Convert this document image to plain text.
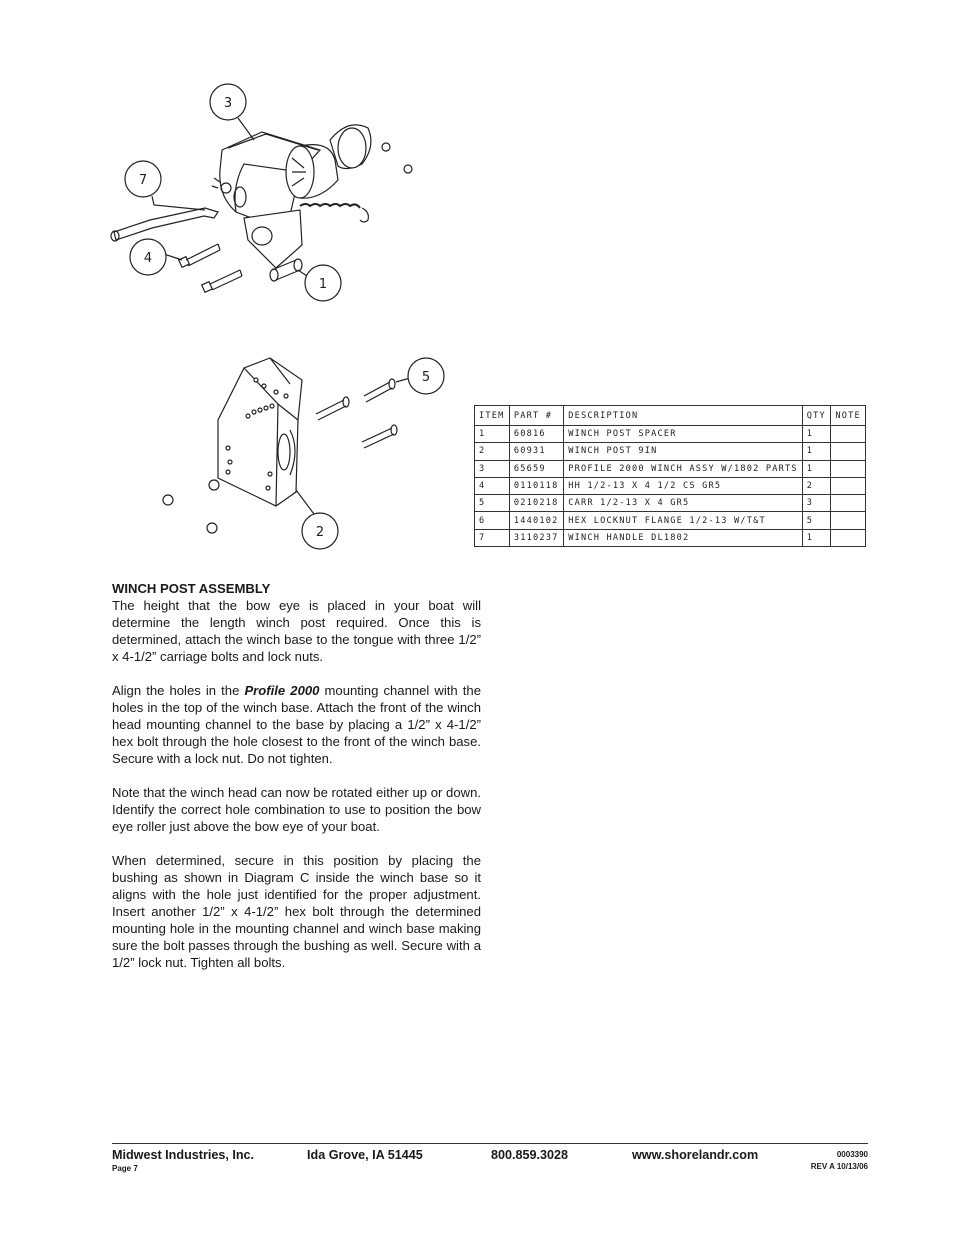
3
7
4
1
5
2
ITEM	PART #	DESCRIPTION	QTY	NOTE
1	60816	WINCH POST SPACER	1	
2	60931	WINCH POST 9IN	1	
3	65659	PROFILE 2000 WINCH ASSY W/1802 PARTS	1	
4	0110118	HH 1/2-13 X 4 1/2 CS GR5	2	
5	0210218	CARR 1/2-13 X 4 GR5	3	
6	1440102	HEX LOCKNUT FLANGE 1/2-13 W/T&T	5	
7	3110237	WINCH HANDLE DL1802	1	
WINCH POST ASSEMBLY

The height that the bow eye is placed in your boat will determine the length winch post required. Once this is determined, attach the winch base to the tongue with three 1/2” x 4-1/2” carriage bolts and lock nuts.

Align the holes in the Profile 2000 mounting channel with the holes in the top of the winch base. Attach the front of the winch head mounting channel to the base by placing a 1/2” x 4-1/2” hex bolt through the hole closest to the front of the winch base. Secure with a lock nut. Do not tighten.

Note that the winch head can now be rotated either up or down. Identify the correct hole combination to use to position the bow eye roller just above the bow eye of your boat.

When determined, secure in this position by placing the bushing as shown in Diagram C inside the winch base so it aligns with the hole just identified for the proper adjustment. Insert another 1/2” x 4-1/2” hex bolt through the determined mounting hole in the mounting channel and winch base making sure the bolt passes through the bushing as well. Secure with a 1/2” lock nut. Tighten all bolts.

Midwest Industries, Inc.	Ida Grove, IA 51445	800.859.3028	www.shorelandr.com
Page 7
0003390
REV A 10/13/06
